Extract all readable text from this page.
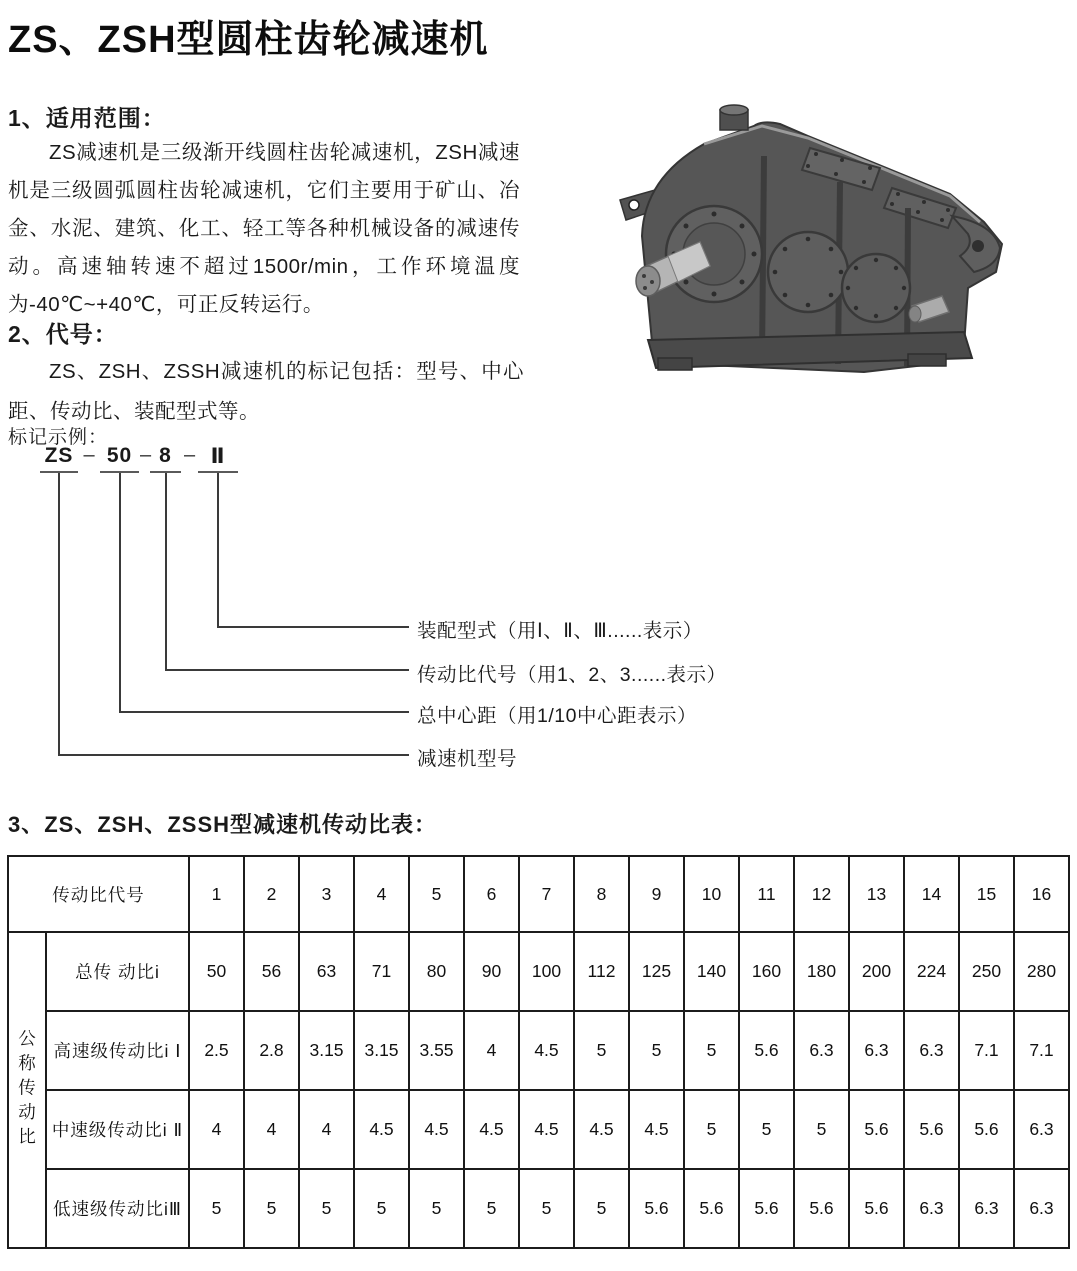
ZS、ZSH型圆柱齿轮减速机
1、适用范围：

ZS减速机是三级渐开线圆柱齿轮减速机，ZSH减速机是三级圆弧圆柱齿轮减速机，它们主要用于矿山、冶金、水泥、建筑、化工、轻工等各种机械设备的减速传动。高速轴转速不超过1500r/min，工作环境温度为-40℃~+40℃，可正反转运行。

2、代号：

ZS、ZSH、ZSSH减速机的标记包括：型号、中心距、传动比、装配型式等。

标记示例：
ZS – 50 – 8 – Ⅱ
装配型式（用Ⅰ、Ⅱ、Ⅲ......表示）
传动比代号（用1、2、3......表示）
总中心距（用1/10中心距表示）
减速机型号
3、ZS、ZSH、ZSSH型减速机传动比表：
传动比代号		1	2	3	4	5	6	7	8	9	10	11	12	13	14	15	16
公称传动比	总传 动比i	50	56	63	71	80	90	100	112	125	140	160	180	200	224	250	280
	高速级传动比i Ⅰ	2.5	2.8	3.15	3.15	3.55	4	4.5	5	5	5	5.6	6.3	6.3	6.3	7.1	7.1
	中速级传动比i Ⅱ	4	4	4	4.5	4.5	4.5	4.5	4.5	4.5	5	5	5	5.6	5.6	5.6	6.3
	低速级传动比iⅢ	5	5	5	5	5	5	5	5	5.6	5.6	5.6	5.6	5.6	6.3	6.3	6.3
